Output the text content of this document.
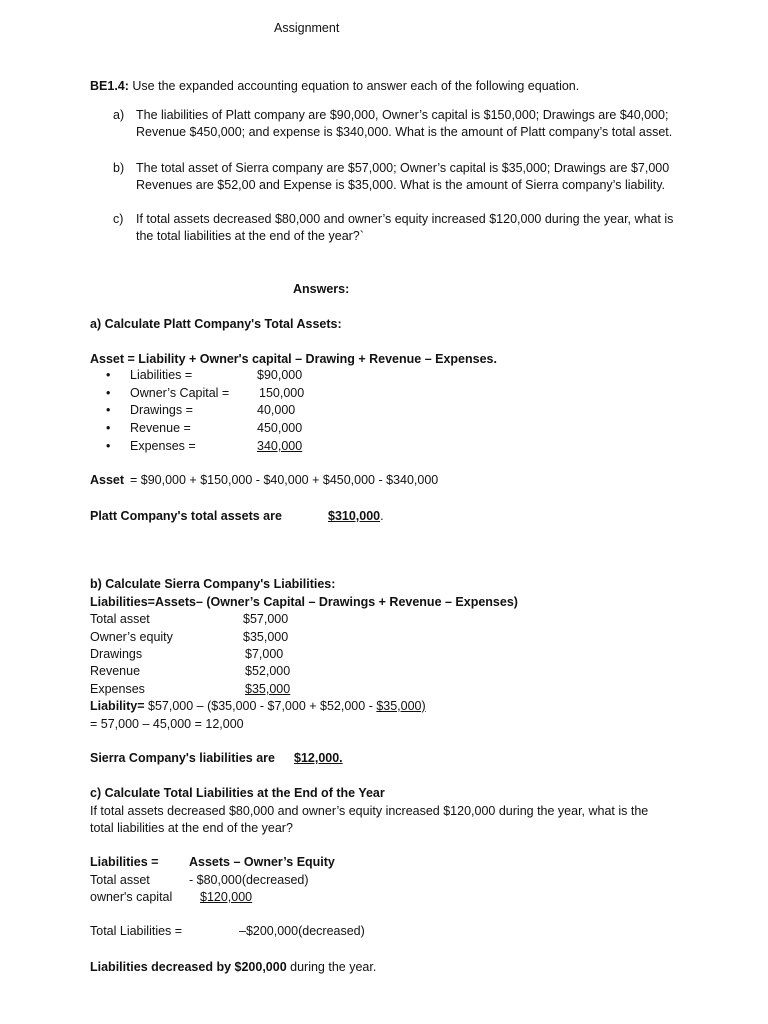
Assignment
BE1.4: Use the expanded accounting equation to answer each of the following equation.
a) The liabilities of Platt company are $90,000, Owner’s capital is $150,000; Drawings are $40,000;
Revenue $450,000; and expense is $340,000. What is the amount of Platt company’s total asset.
b) The total asset of Sierra company are $57,000; Owner’s capital is $35,000; Drawings are $7,000
Revenues are $52,00 and Expense is $35,000. What is the amount of Sierra company’s liability.
c) If total assets decreased $80,000 and owner’s equity increased $120,000 during the year, what is
the total liabilities at the end of the year?`
Answers:
a) Calculate Platt Company's Total Assets:
Asset = Liability + Owner's capital – Drawing + Revenue – Expenses.
• Liabilities =	$90,000
• Owner’s Capital = 150,000
• Drawings =	40,000
• Revenue =	450,000
• Expenses =	340,000
Asset = $90,000 + $150,000 - $40,000 + $450,000 - $340,000
Platt Company's total assets are	$310,000.
b) Calculate Sierra Company's Liabilities:
Liabilities=Assets– (Owner’s Capital – Drawings + Revenue – Expenses)
Total asset	$57,000
Owner’s equity	$35,000
Drawings	$7,000
Revenue	$52,000
Expenses	$35,000
Liability= $57,000 – ($35,000 - $7,000 + $52,000 - $35,000)
= 57,000 – 45,000 = 12,000
Sierra Company's liabilities are $12,000.
c) Calculate Total Liabilities at the End of the Year
If total assets decreased $80,000 and owner’s equity increased $120,000 during the year, what is the
total liabilities at the end of the year?
Liabilities = Assets – Owner’s Equity
Total asset	- $80,000(decreased)
owner's capital $120,000
Total Liabilities =	–$200,000(decreased)
Liabilities decreased by $200,000 during the year.
